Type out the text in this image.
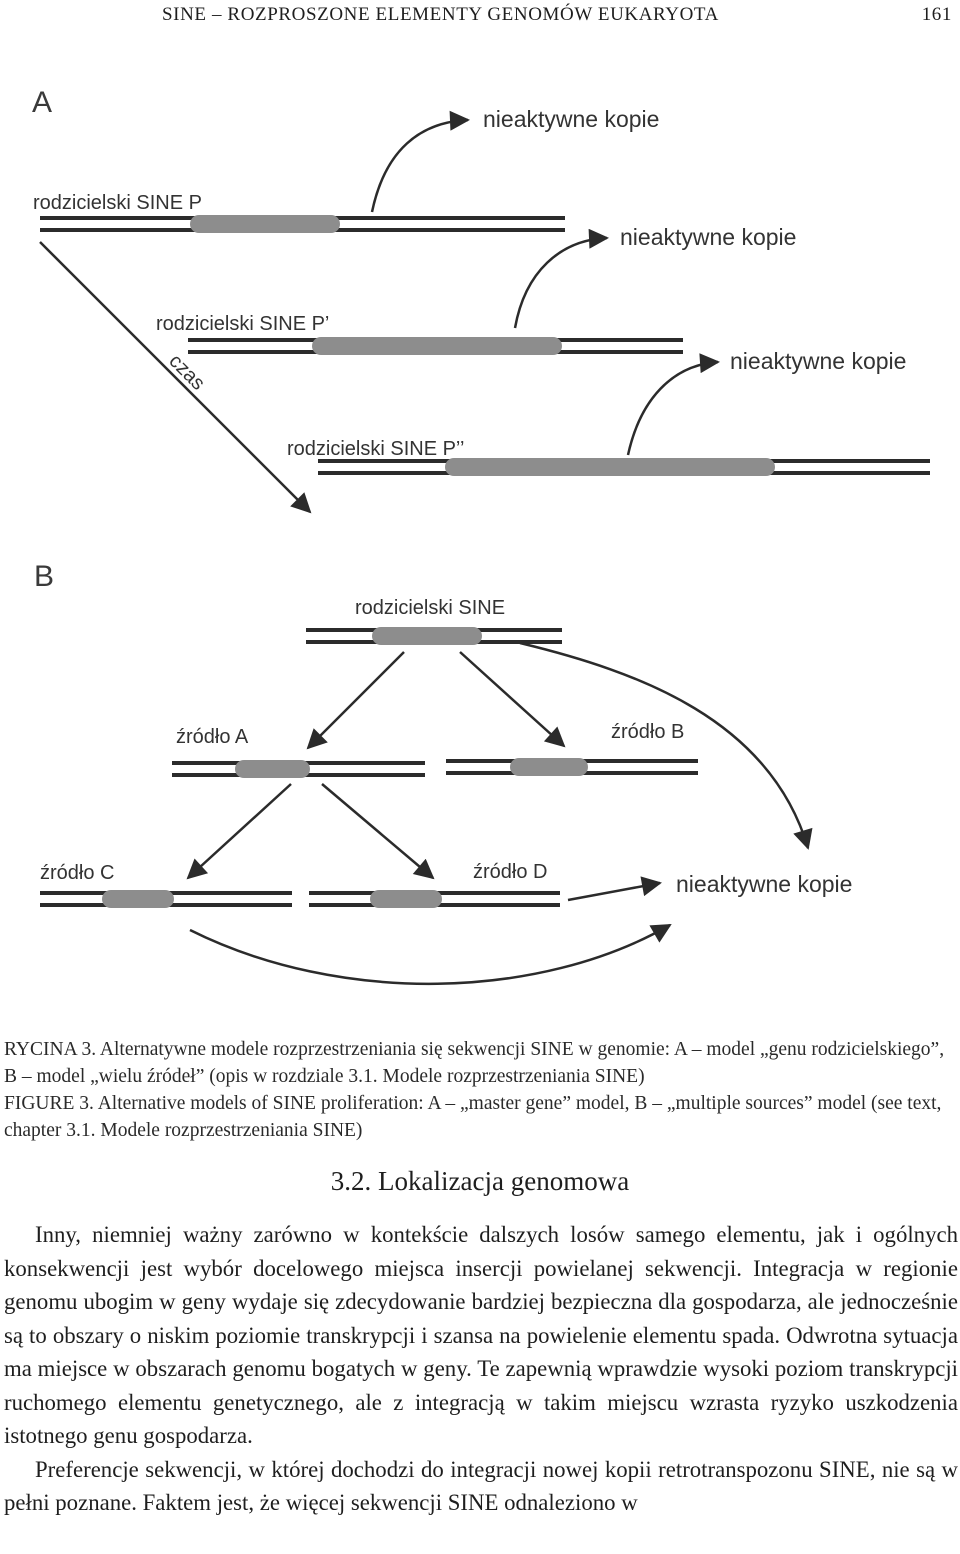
SINE – ROZPROSZONE ELEMENTY GENOMÓW EUKARYOTA	161
A
rodzicielski SINE P
rodzicielski SINE P’
rodzicielski SINE P’’
czas
nieaktywne kopie
nieaktywne kopie
nieaktywne kopie
B
rodzicielski SINE
źródło A	źródło B
źródło C	źródło D	nieaktywne kopie

RYCINA 3. Alternatywne modele rozprzestrzeniania się sekwencji SINE w genomie: A – model „genu rodzicielskiego”, B – model „wielu źródeł” (opis w rozdziale 3.1. Modele rozprzestrzeniania SINE)

FIGURE 3. Alternative models of SINE proliferation: A – „master gene” model, B – „multiple sources” model (see text, chapter 3.1. Modele rozprzestrzeniania SINE)

3.2. Lokalizacja genomowa

Inny, niemniej ważny zarówno w kontekście dalszych losów samego elementu, jak i ogólnych konsekwencji jest wybór docelowego miejsca insercji powielanej sekwencji. Integracja w regionie genomu ubogim w geny wydaje się zdecydowanie bardziej bezpieczna dla gospodarza, ale jednocześnie są to obszary o niskim poziomie transkrypcji i szansa na powielenie elementu spada. Odwrotna sytuacja ma miejsce w obszarach genomu bogatych w geny. Te zapewnią wprawdzie wysoki poziom transkrypcji ruchomego elementu genetycznego, ale z integracją w takim miejscu wzrasta ryzyko uszkodzenia istotnego genu gospodarza.

Preferencje sekwencji, w której dochodzi do integracji nowej kopii retrotranspozonu SINE, nie są w pełni poznane. Faktem jest, że więcej sekwencji SINE odnaleziono w
